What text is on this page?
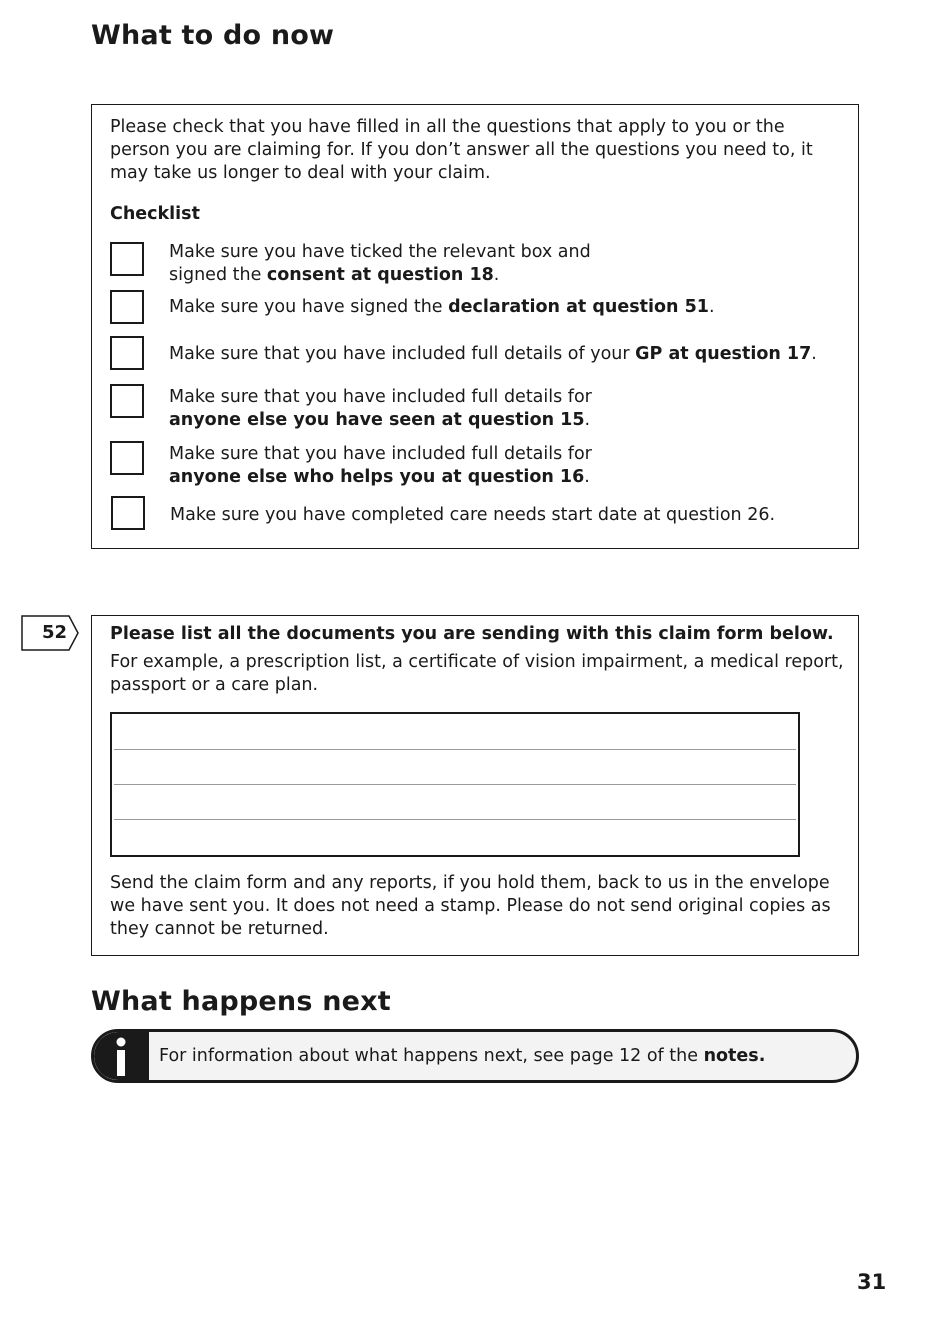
What to do now
Please check that you have filled in all the questions that apply to you or the person you are claiming for. If you don’t answer all the questions you need to, it may take us longer to deal with your claim.
Checklist
Make sure you have ticked the relevant box and
signed the consent at question 18.
Make sure you have signed the declaration at question 51.
Make sure that you have included full details of your GP at question 17.
Make sure that you have included full details for
anyone else you have seen at question 15.
Make sure that you have included full details for
anyone else who helps you at question 16.
Make sure you have completed care needs start date at question 26.
52 Please list all the documents you are sending with this claim form below.
For example, a prescription list, a certificate of vision impairment, a medical report, passport or a care plan.
Send the claim form and any reports, if you hold them, back to us in the envelope we have sent you. It does not need a stamp. Please do not send original copies as they cannot be returned.
What happens next
For information about what happens next, see page 12 of the notes.
31
